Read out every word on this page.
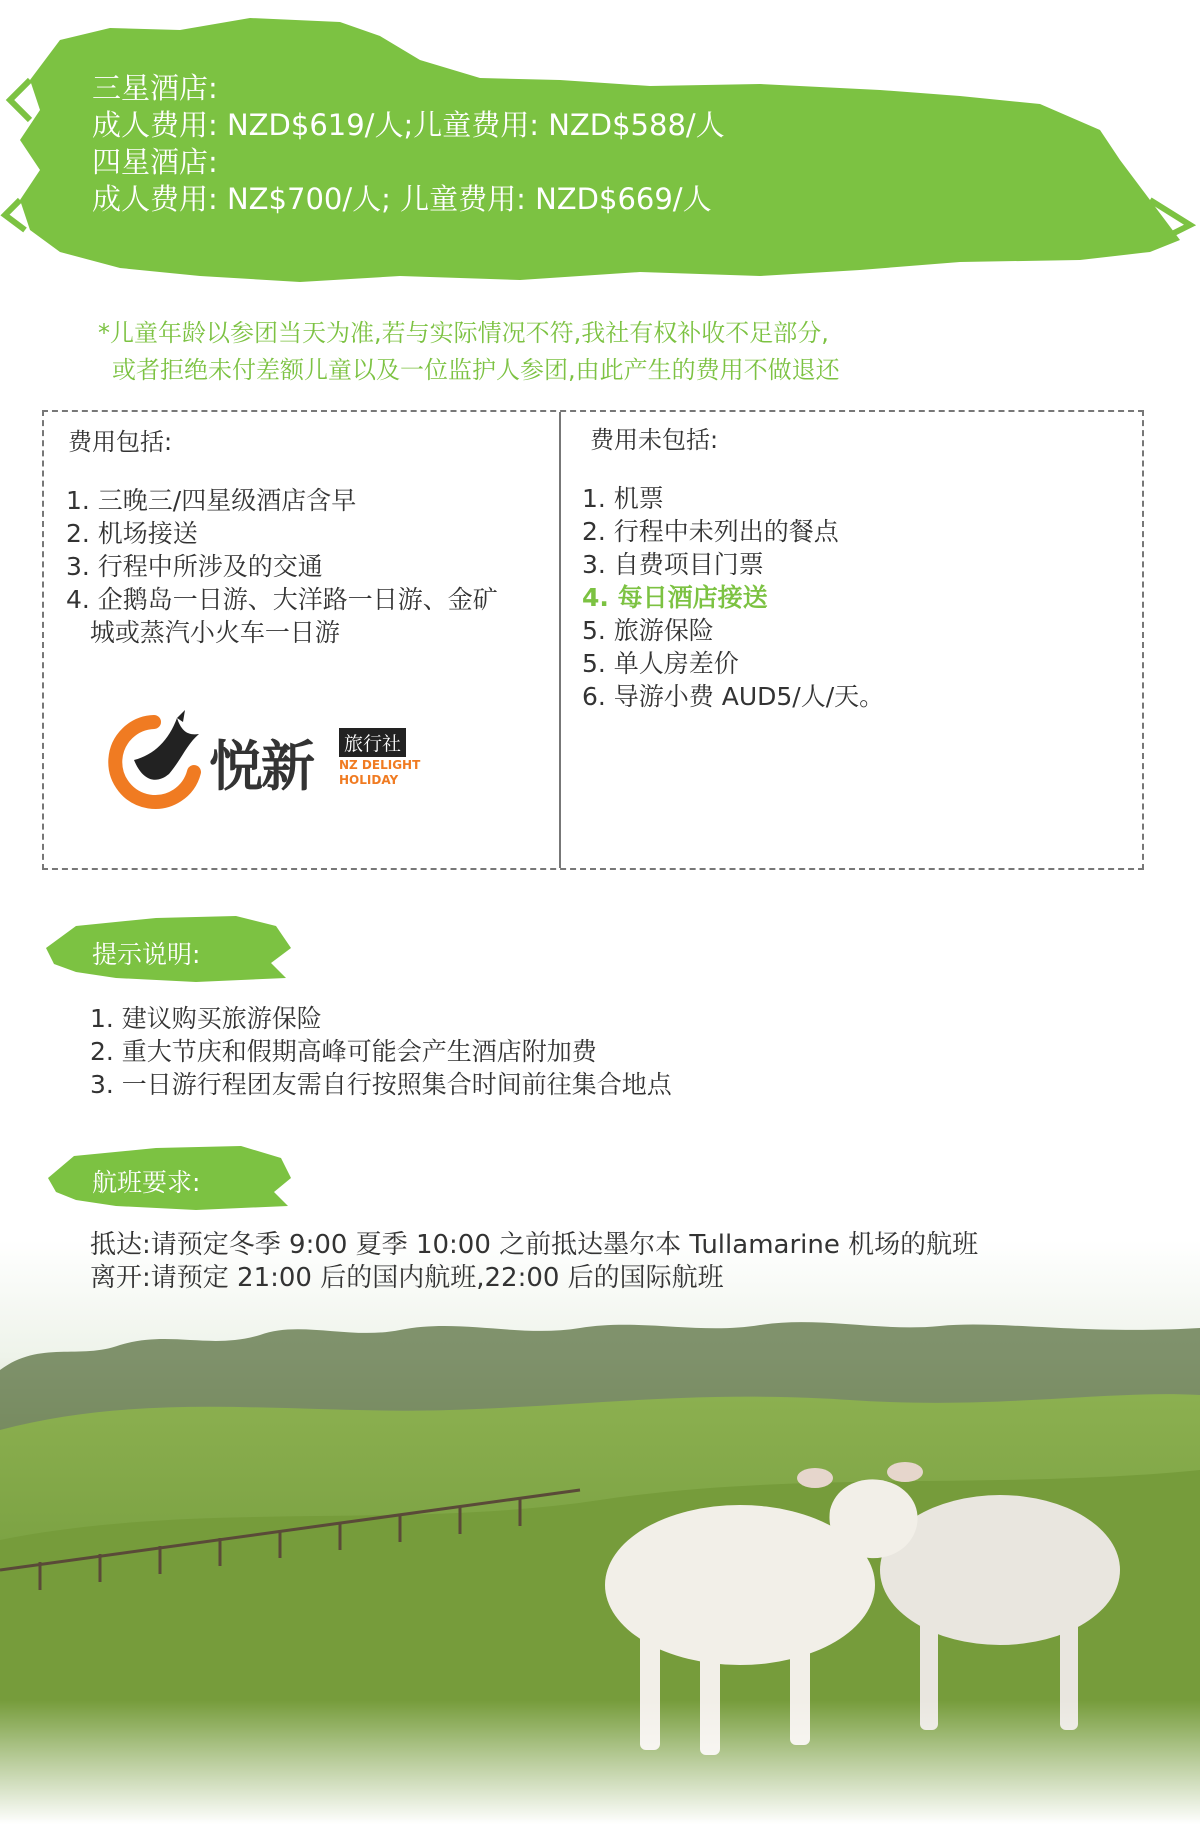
三星酒店:
成人费用: NZD$619/人;儿童费用: NZD$588/人
四星酒店:
成人费用: NZ$700/人; 儿童费用: NZD$669/人
*儿童年龄以参团当天为准,若与实际情况不符,我社有权补收不足部分,
或者拒绝未付差额儿童以及一位监护人参团,由此产生的费用不做退还
费用包括:
1. 三晚三/四星级酒店含早
2. 机场接送
3. 行程中所涉及的交通
4. 企鹅岛一日游、大洋路一日游、金矿
城或蒸汽小火车一日游
费用未包括:
1. 机票
2. 行程中未列出的餐点
3. 自费项目门票
4. 每日酒店接送
5. 旅游保险
5. 单人房差价
6. 导游小费 AUD5/人/天。
悦新 旅行社
NZ DELIGHT
HOLIDAY
提示说明:
1. 建议购买旅游保险
2. 重大节庆和假期高峰可能会产生酒店附加费
3. 一日游行程团友需自行按照集合时间前往集合地点
航班要求:
抵达:请预定冬季 9:00 夏季 10:00 之前抵达墨尔本 Tullamarine 机场的航班
离开:请预定 21:00 后的国内航班,22:00 后的国际航班
